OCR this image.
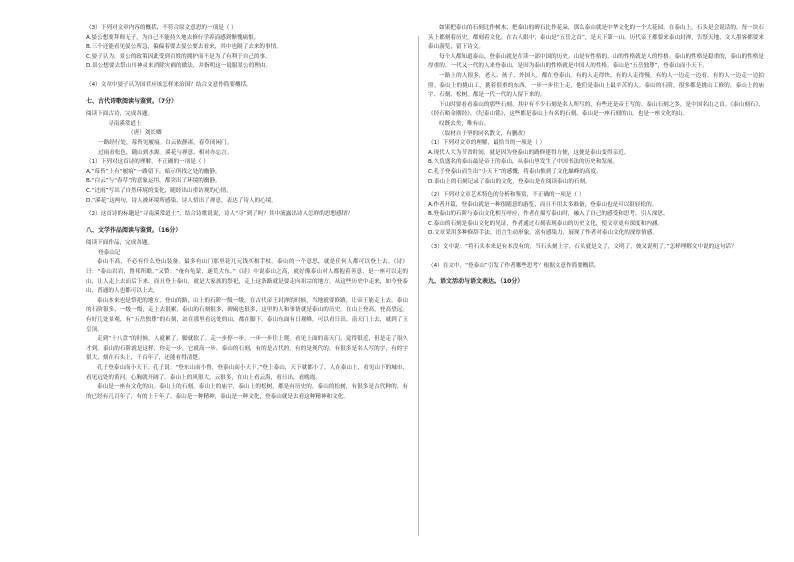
（3）下列对文章内容的概括，不符合原文意思的一项是（ ）

A.晏公想要拜师无子，为自己不能持久地去修行学养而感到惭愧痛恨。

B.三个还能看见晏公所急，偏偏着要去晏公要去看来，其中也隔了去来的事情。

C.晏子认为，景公的政策因此受到百姓的拥护而不是为了有利于自己的事。

D.景公想要去祭山川神灵来消除灾祸的做法，并指明这一说服景公的理由。

（4）文章中晏子认为国君应该怎样来治国？结合文意作简要概括。

七、古代诗歌阅读与鉴赏。（7分）

阅读下面古诗，完成各题。

寻南溪常道士

（唐）刘长卿

一路经行处，莓苔见履痕。白云依静渚，春草闭闲门。

过雨看松色，随山到水源。溪花与禅意，相对亦忘言。

（1）下列对这首诗的理解，不正确的一项是（ ）

A.“莓苔”上有“履痕”一路留下，暗示所找之处的幽静。

B.“白云”与“春草”的意象运用，都突出了环境的幽静。

C.“过雨”写出了自然环境的变化，随经出山重访观的心情。

D.“溪花”这两句，诗人被环境所感染，诗人悟出了禅意，表达了诗人的心境。

（2）这首诗的标题是“寻南溪常道士”，结合诗歌说说，诗人“寻”到了吗？其中流露出诗人怎样的思想感情？

八、文学作品阅读与鉴赏。（16分）

阅读下面作品，完成各题。

登泰山记

泰山不高，不必有什么登山装备。最多有山门那里花几元钱买根手杖。泰山的一个意思，就是任何人都可以登上去。《诗》曰：“泰山岩岩，鲁邦所瞻。”又赞：“奄有龟蒙，遂荒大东。”《诗》中说泰山之高，就好像泰山对人都抱着善意，是一座可以走的山，让人走上去而后下来，而且登上泰山，就是大家族的祭祀，走上这条路就是要走向祖宗的地方。从这些历史中走来，如今登泰山，普通的人也都可以上去。

泰山本来也是祭祀的地方，登山的路，山上的石阶一级一级，在古代帝王封禅的时候，当地就要修路，让帝王能走上去。泰山的石阶很多，一级一级，走上去很累，泰山的石刻很多，碑碣也很多，这里的人和事情就是泰山的历史。在山上登高，登高望远。有好几处景观，有“五岳独尊”的石刻，站在那里看远处的山，都在脚下。泰山东面有日观峰，可以看日出。南天门上去，就到了玉皇顶。

走到“十八盘”的时候，人就累了，脚就软了。走一步停一步，一步一步往上爬。看见上面的南天门，觉得很近，但是走了很久才到。泰山的石阶就是这样，你走一步，它就高一步。泰山的石刻，有的是古代的，有的是现代的，有很多是名人写的字，有的字很大，刻在石头上，千百年了，还能看得清楚。

孔子登泰山而小天下。孔子说：“登东山而小鲁，登泰山而小天下。”登上泰山，天下就都小了。人在泰山上，看见山下的城市，看见远处的黄河，心胸就开阔了。泰山上的风很大，云很多，在山上看云海，看日出，看晚霞。

泰山是一座有文化的山。泰山上的石刻，泰山上的庙宇，泰山上的松树，都是有历史的。泰山的松树，有很多是古代种的，有的已经有几百年了，有的上千年了。泰山是一种精神，泰山是一种文化，登泰山就是去看这种精神和文化。

如果把泰山的石刻比作树木，把泰山的碑石比作花朵，那么泰山就是中华文化的一个大花园。在泰山上，石头是会说话的，每一块石头上都刻着历史，都刻着文化。在古人眼中，泰山是“五岳之首”，是天下第一山。历代帝王都要来泰山封禅，告祭天地，文人墨客都要来泰山游览，留下诗文。

每个人都知道泰山，登泰山就是在读一部中国的历史。山是有性格的，山的性格就是人的性格。泰山的性格是稳重的，泰山的性格是厚重的。一代又一代的人来登泰山，是因为泰山的性格就是中国人的性格。泰山是“五岳独尊”，登泰山而小天下。

一路上的人很多，老人、孩子、外国人，都在登泰山。有的人走得快，有的人走得慢，有的人一边走一边看，有的人一边走一边拍照。泰山上的挑山工，挑着很重的东西，一步一步往上走，他们是泰山上最辛苦的人。泰山的石阶，很多都是挑山工修的。泰山上的庙宇、石刻、松树，都是一代一代的人留下来的。

下山时要看看泰山的那些石刻。其中有不少石刻是名人所写的，有些还是帝王写的。泰山石刻之多，是中国名山之首。《泰山刻石》、《经石峪金刚经》、《纪泰山铭》，这些都是泰山上有名的石刻。泰山是一座石刻的山，也是一座文化的山。

叹既去矣，唯有山。

（取材自于坚的同名散文，有删改）

（1）下列对文章的理解，最恰当的一项是（ ）

A.现代人大为节省时间，就是因为登泰山的路修建得方便，这便是泰山变得亲近。

B.久负盛名的泰山最是帝王的泰山，从泰山里发生了中国书法的历史和发展。

C.孔子登泰山而生出“小天下”的感慨，将泰山推到了文化巅峰的高度。

D.泰山上的石刻记录了泰山的文化，登泰山是在阅读泰山的石刻。

（2）下列对文章艺术特色的分析和鉴赏，不正确的一项是（ ）

A.作者开篇，登泰山就是一种很随意的游览，而且不用太多准备，登泰山也是可以很轻松的。

B.登泰山的石阶与泰山文化相互呼应，作者在描写泰山时，融入了自己的感受和思考，引人深思。

C.泰山的石刻是泰山文化的见证，作者通过石刻表现泰山的历史文化，使文章更有深度和内涵。

D.文章采用多种修辞手法，语言生动形象，富有感染力，展现了作者对泰山文化的深厚情感。

（3）文中说：“将石头本来是有本没有的，当石头刻上字，石头就是文了，文明了，彼又说明了。”怎样理解文中说的这句话？

（4）在文中，“登泰山”引发了作者哪些思考？根据文意作简要概括。

九、语文活动与语文表达。（10分）
